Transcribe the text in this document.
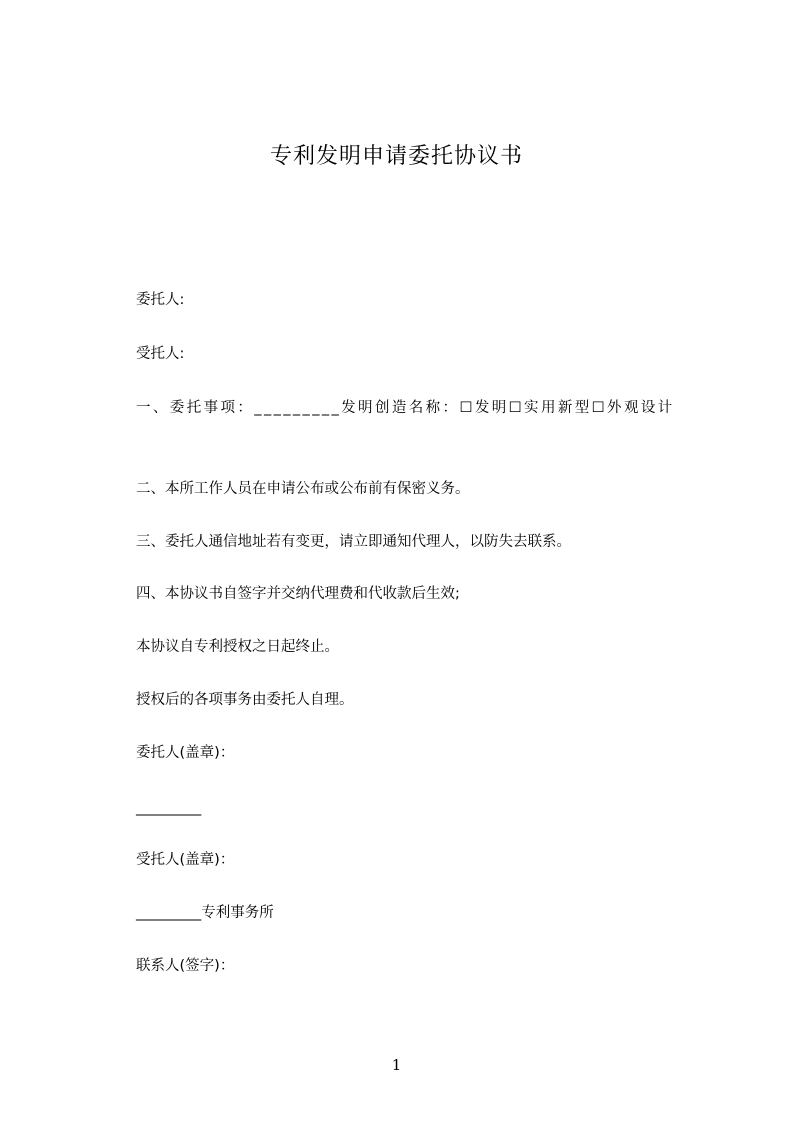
专利发明申请委托协议书
委托人:
受托人:
一、委托事项：_________发明创造名称：☐发明☐实用新型☐外观设计
二、本所工作人员在申请公布或公布前有保密义务。
三、委托人通信地址若有变更，请立即通知代理人，以防失去联系。
四、本协议书自签字并交纳代理费和代收款后生效;
本协议自专利授权之日起终止。
授权后的各项事务由委托人自理。
委托人(盖章)：
_________
受托人(盖章)：
_________专利事务所
联系人(签字)：
1
